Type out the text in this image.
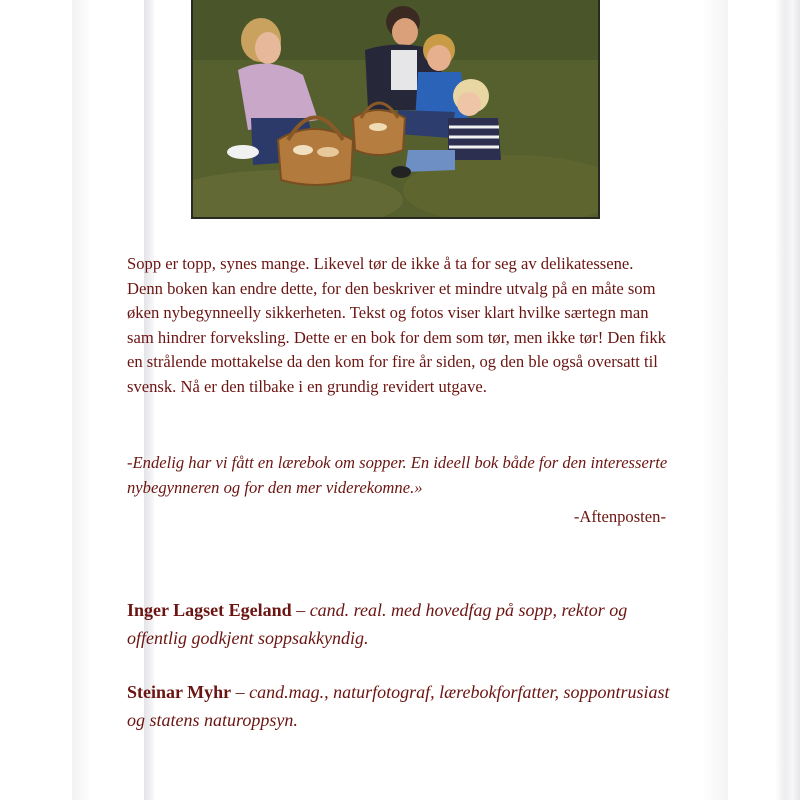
Sopp er topp, synes mange. Likevel tør de ikke å ta for seg av delikatessene. Denn boken kan endre dette, for den beskriver et mindre utvalg på en måte som øken nybegynneelly sikkerheten. Tekst og fotos viser klart hvilke særtegn man sam hindrer forveksling. Dette er en bok for dem som tør, men ikke tør! Den fikk en strålende mottakelse da den kom for fire år siden, og den ble også oversatt til svensk. Nå er den tilbake i en grundig revidert utgave.
-Endelig har vi fått en lærebok om sopper. En ideell bok både for den interesserte nybegynneren og for den mer viderekomne.»
-Aftenposten-
Inger Lagset Egeland – cand. real. med hovedfag på sopp, rektor og offentlig godkjent soppsakkyndig.
Steinar Myhr – cand.mag., naturfotograf, lærebokforfatter, soppontrusiast og statens naturoppsyn.
